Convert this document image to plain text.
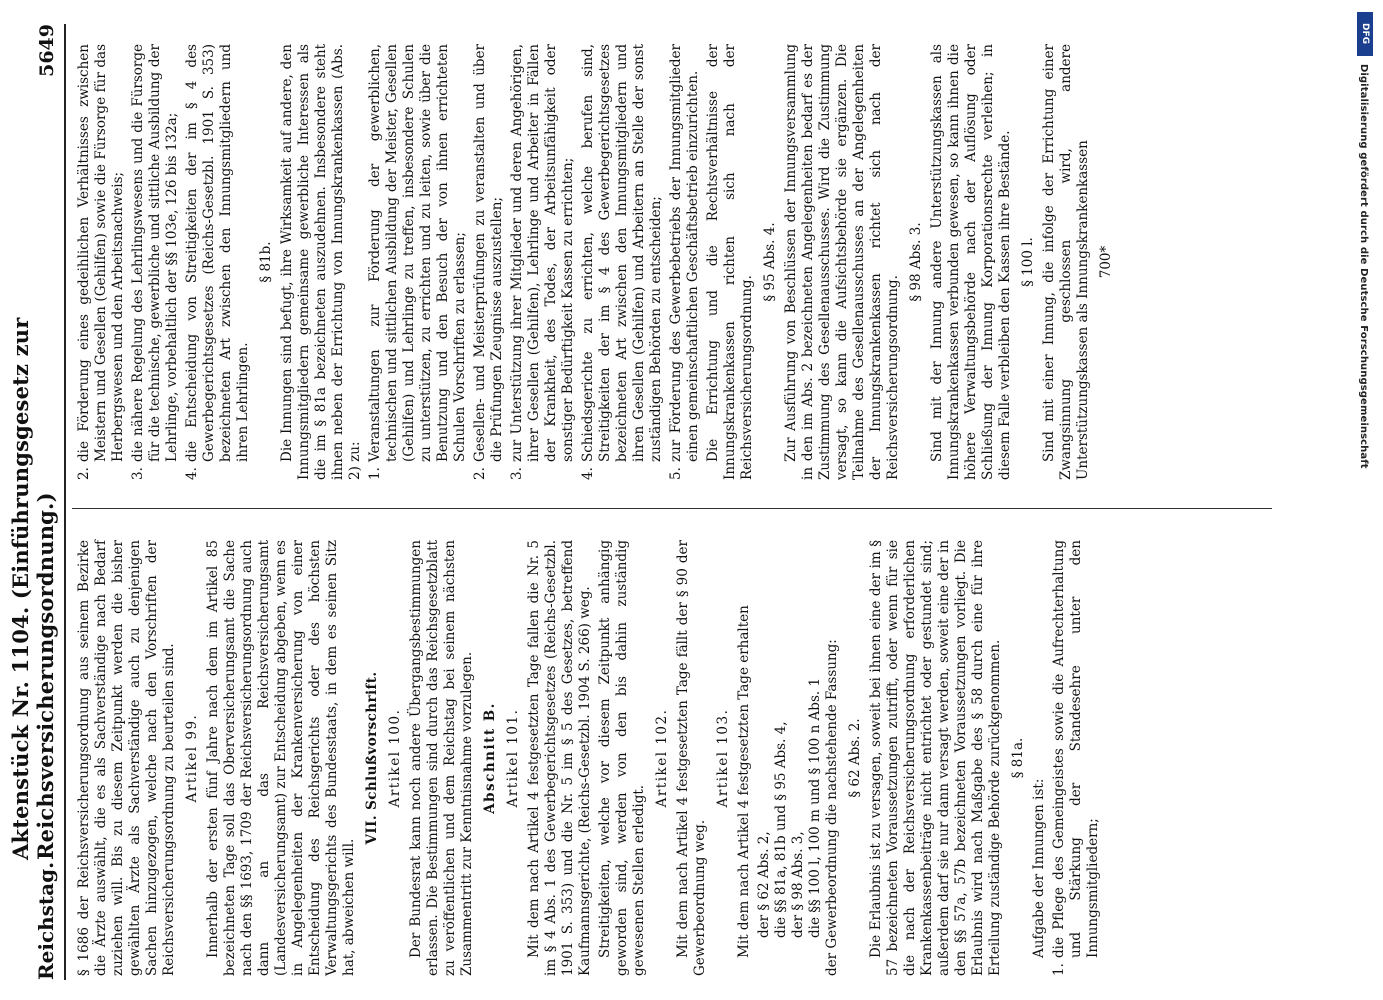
Reichstag.
Aktenstück Nr. 1104. (Einführungsgesetz zur Reichsversicherungsordnung.)
5649

§ 1686 der Reichsversicherungsordnung aus seinem Bezirke die Ärzte auswählt, die es als Sachverständige nach Bedarf zuziehen will. Bis zu diesem Zeitpunkt werden die bisher gewählten Ärzte als Sachverständige auch zu denjenigen Sachen hinzugezogen, welche nach den Vorschriften der Reichsversicherungsordnung zu beurteilen sind. Artikel 99. Innerhalb der ersten fünf Jahre nach dem im Artikel 85 bezeichneten Tage soll das Oberversicherungsamt die Sache nach den §§ 1693, 1709 der Reichsversicherungsordnung auch dann an das Reichsversicherungsamt (Landesversicherungsamt) zur Entscheidung abgeben, wenn es in Angelegenheiten der Krankenversicherung von einer Entscheidung des Reichsgerichts oder des höchsten Verwaltungsgerichts des Bundesstaats, in dem es seinen Sitz hat, abweichen will.

VII. Schlußvorschrift. Artikel 100. Der Bundesrat kann noch andere Übergangsbestimmungen erlassen. Die Bestimmungen sind durch das Reichsgesetzblatt zu veröffentlichen und dem Reichstag bei seinem nächsten Zusammentritt zur Kenntnisnahme vorzulegen. Abschnitt B. Artikel 101. Mit dem nach Artikel 4 festgesetzten Tage fallen die Nr. 5 im § 4 Abs. 1 des Gewerbegerichtsgesetzes (Reichs-Gesetzbl. 1901 S. 353) und die Nr. 5 im § 5 des Gesetzes, betreffend Kaufmannsgerichte, (Reichs-Gesetzbl. 1904 S. 266) weg. Streitigkeiten, welche vor diesem Zeitpunkt anhängig geworden sind, werden von den bis dahin zuständig gewesenen Stellen erledigt.

Artikel 102. Mit dem nach Artikel 4 festgesetzten Tage fällt der § 90 der Gewerbeordnung weg.

Artikel 103. Mit dem nach Artikel 4 festgesetzten Tage erhalten der § 62 Abs. 2, die §§ 81a, 81b und § 95 Abs. 4, der § 98 Abs. 3, die §§ 100 l, 100 m und § 100 n Abs. 1 der Gewerbeordnung die nachstehende Fassung: § 62 Abs. 2. Die Erlaubnis ist zu versagen, soweit bei ihnen eine der im § 57 bezeichneten Voraussetzungen zutrifft, oder wenn für sie die nach der Reichsversicherungsordnung erforderlichen Krankenkassenbeiträge nicht entrichtet oder gestundet sind; außerdem darf sie nur dann versagt werden, soweit eine der in den §§ 57a, 57b bezeichneten Voraussetzungen vorliegt. Die Erlaubnis wird nach Maßgabe des § 58 durch eine für ihre Erteilung zuständige Behörde zurückgenommen. § 81a.

Aufgabe der Innungen ist:

1.
die Pflege des Gemeingeistes sowie die Aufrechterhaltung und Stärkung der Standesehre unter den Innungsmitgliedern;
2.
die Förderung eines gedeihlichen Verhältnisses zwischen Meistern und Gesellen (Gehilfen) sowie die Fürsorge für das Herbergswesen und den Arbeitsnachweis;
3.
die nähere Regelung des Lehrlingswesens und die Fürsorge für die technische, gewerbliche und sittliche Ausbildung der Lehrlinge, vorbehaltlich der §§ 103e, 126 bis 132a;
4.
die Entscheidung von Streitigkeiten der im § 4 des Gewerbegerichtsgesetzes (Reichs-Gesetzbl. 1901 S. 353) bezeichneten Art zwischen den Innungsmitgliedern und ihren Lehrlingen.
§ 81b. Die Innungen sind befugt, ihre Wirksamkeit auf andere, den Innungsmitgliedern gemeinsame gewerbliche Interessen als die im § 81a bezeichneten auszudehnen. Insbesondere steht ihnen neben der Errichtung von Innungskrankenkassen (Abs. 2) zu: 1.
Veranstaltungen zur Förderung der gewerblichen, technischen und sittlichen Ausbildung der Meister, Gesellen (Gehilfen) und Lehrlinge zu treffen, insbesondere Schulen zu unterstützen, zu errichten und zu leiten, sowie über die Benutzung und den Besuch der von ihnen errichteten Schulen Vorschriften zu erlassen;
2.
Gesellen- und Meisterprüfungen zu veranstalten und über die Prüfungen Zeugnisse auszustellen;
3.
zur Unterstützung ihrer Mitglieder und deren Angehörigen, ihrer Gesellen (Gehilfen), Lehrlinge und Arbeiter in Fällen der Krankheit, des Todes, der Arbeitsunfähigkeit oder sonstiger Bedürftigkeit Kassen zu errichten;
4.
Schiedsgerichte zu errichten, welche berufen sind, Streitigkeiten der im § 4 des Gewerbegerichtsgesetzes bezeichneten Art zwischen den Innungsmitgliedern und ihren Gesellen (Gehilfen) und Arbeitern an Stelle der sonst zuständigen Behörden zu entscheiden;
5.
zur Förderung des Gewerbebetriebs der Innungsmitglieder einen gemeinschaftlichen Geschäftsbetrieb einzurichten. Die Errichtung und die Rechtsverhältnisse der Innungskrankenkassen richten sich nach der Reichsversicherungsordnung.

§ 95 Abs. 4. Zur Ausführung von Beschlüssen der Innungsversammlung in den im Abs. 2 bezeichneten Angelegenheiten bedarf es der Zustimmung des Gesellenausschusses. Wird die Zustimmung versagt, so kann die Aufsichtsbehörde sie ergänzen. Die Teilnahme des Gesellenausschusses an der Angelegenheiten der Innungskrankenkassen richtet sich nach der Reichsversicherungsordnung.

§ 98 Abs. 3. Sind mit der Innung andere Unterstützungskassen als Innungskrankenkassen verbunden gewesen, so kann ihnen die höhere Verwaltungsbehörde nach der Auflösung oder Schließung der Innung Korporationsrechte verleihen; in diesem Falle verbleiben den Kassen ihre Bestände. § 100 l. Sind mit einer Innung, die infolge der Errichtung einer Zwangsinnung geschlossen wird, andere Unterstützungskassen als Innungskrankenkassen 700*
DFG
Digitalisierung gefördert durch die Deutsche Forschungsgemeinschaft
